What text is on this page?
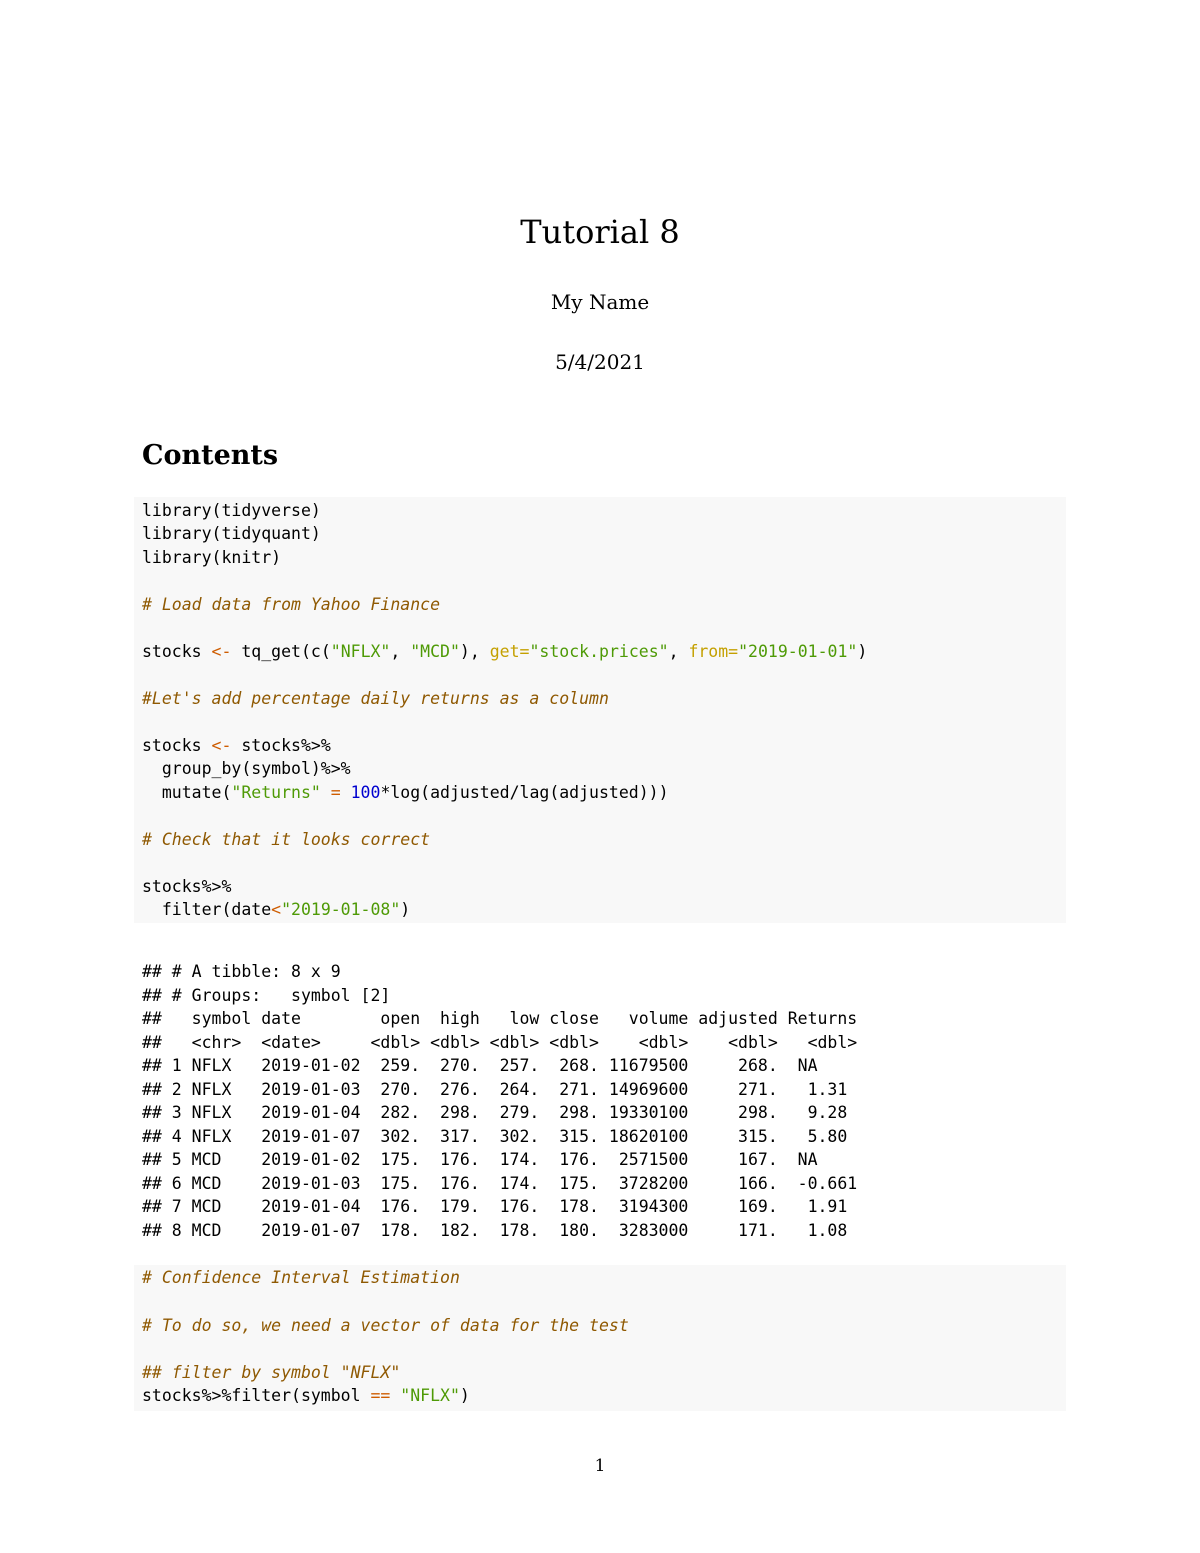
Tutorial 8
My Name
5/4/2021
Contents
library(tidyverse)
library(tidyquant)
library(knitr)
# Load data from Yahoo Finance
stocks <- tq_get(c("NFLX", "MCD"), get="stock.prices", from="2019-01-01")
#Let's add percentage daily returns as a column
stocks <- stocks%>%
group_by(symbol)%>%
mutate("Returns" = 100*log(adjusted/lag(adjusted)))
# Check that it looks correct
stocks%>%
filter(date<"2019-01-08")
## # A tibble: 8 x 9
## # Groups:   symbol [2]
##   symbol date        open  high   low close   volume adjusted Returns
##   <chr>  <date>     <dbl> <dbl> <dbl> <dbl>    <dbl>    <dbl>   <dbl>
## 1 NFLX   2019-01-02  259.  270.  257.  268. 11679500     268.  NA
## 2 NFLX   2019-01-03  270.  276.  264.  271. 14969600     271.   1.31
## 3 NFLX   2019-01-04  282.  298.  279.  298. 19330100     298.   9.28
## 4 NFLX   2019-01-07  302.  317.  302.  315. 18620100     315.   5.80
## 5 MCD    2019-01-02  175.  176.  174.  176.  2571500     167.  NA
## 6 MCD    2019-01-03  175.  176.  174.  175.  3728200     166.  -0.661
## 7 MCD    2019-01-04  176.  179.  176.  178.  3194300     169.   1.91
## 8 MCD    2019-01-07  178.  182.  178.  180.  3283000     171.   1.08
# Confidence Interval Estimation
# To do so, we need a vector of data for the test
## filter by symbol "NFLX"
stocks%>%filter(symbol == "NFLX")
1
